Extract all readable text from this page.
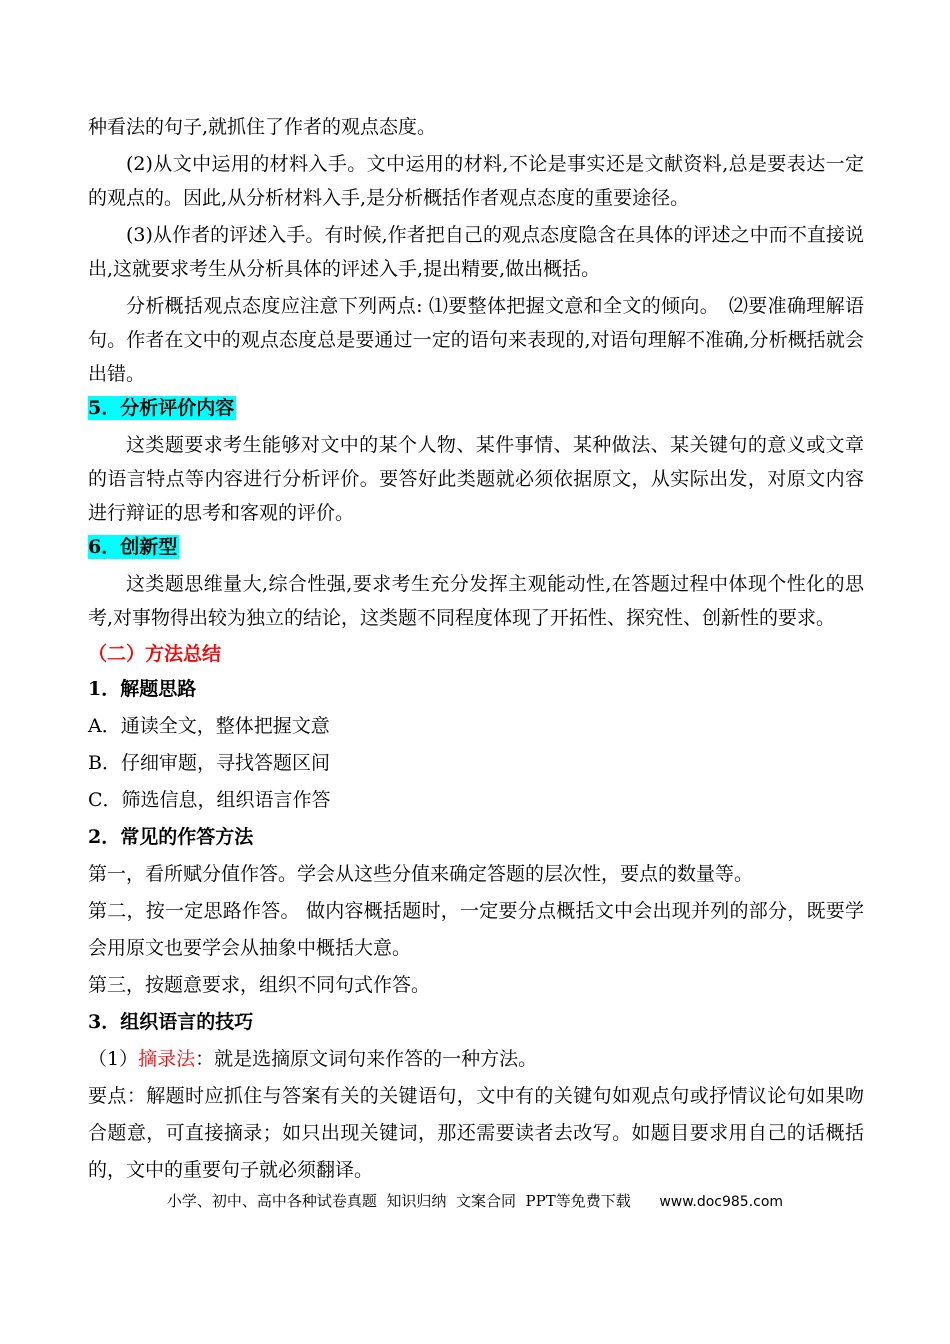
种看法的句子,就抓住了作者的观点态度。

(2)从文中运用的材料入手。文中运用的材料,不论是事实还是文献资料,总是要表达一定的观点的。因此,从分析材料入手,是分析概括作者观点态度的重要途径。

(3)从作者的评述入手。有时候,作者把自己的观点态度隐含在具体的评述之中而不直接说出,这就要求考生从分析具体的评述入手,提出精要,做出概括。

分析概括观点态度应注意下列两点: ⑴要整体把握文意和全文的倾向。　⑵要准确理解语句。作者在文中的观点态度总是要通过一定的语句来表现的,对语句理解不准确,分析概括就会出错。

5．分析评价内容

这类题要求考生能够对文中的某个人物、某件事情、某种做法、某关键句的意义或文章的语言特点等内容进行分析评价。要答好此类题就必须依据原文，从实际出发，对原文内容进行辩证的思考和客观的评价。

6．创新型

这类题思维量大,综合性强,要求考生充分发挥主观能动性,在答题过程中体现个性化的思考,对事物得出较为独立的结论，这类题不同程度体现了开拓性、探究性、创新性的要求。

（二）方法总结
1．解题思路

A．通读全文，整体把握文意

B．仔细审题，寻找答题区间

C．筛选信息，组织语言作答

2．常见的作答方法

第一，看所赋分值作答。学会从这些分值来确定答题的层次性，要点的数量等。

第二，按一定思路作答。 做内容概括题时，一定要分点概括文中会出现并列的部分，既要学会用原文也要学会从抽象中概括大意。

第三，按题意要求，组织不同句式作答。

3．组织语言的技巧

（1）摘录法：就是选摘原文词句来作答的一种方法。

要点：解题时应抓住与答案有关的关键语句，文中有的关键句如观点句或抒情议论句如果吻合题意，可直接摘录；如只出现关键词，那还需要读者去改写。如题目要求用自己的话概括的，文中的重要句子就必须翻译。

小学、初中、高中各种试卷真题  知识归纳  文案合同  PPT等免费下载 www.doc985.com
